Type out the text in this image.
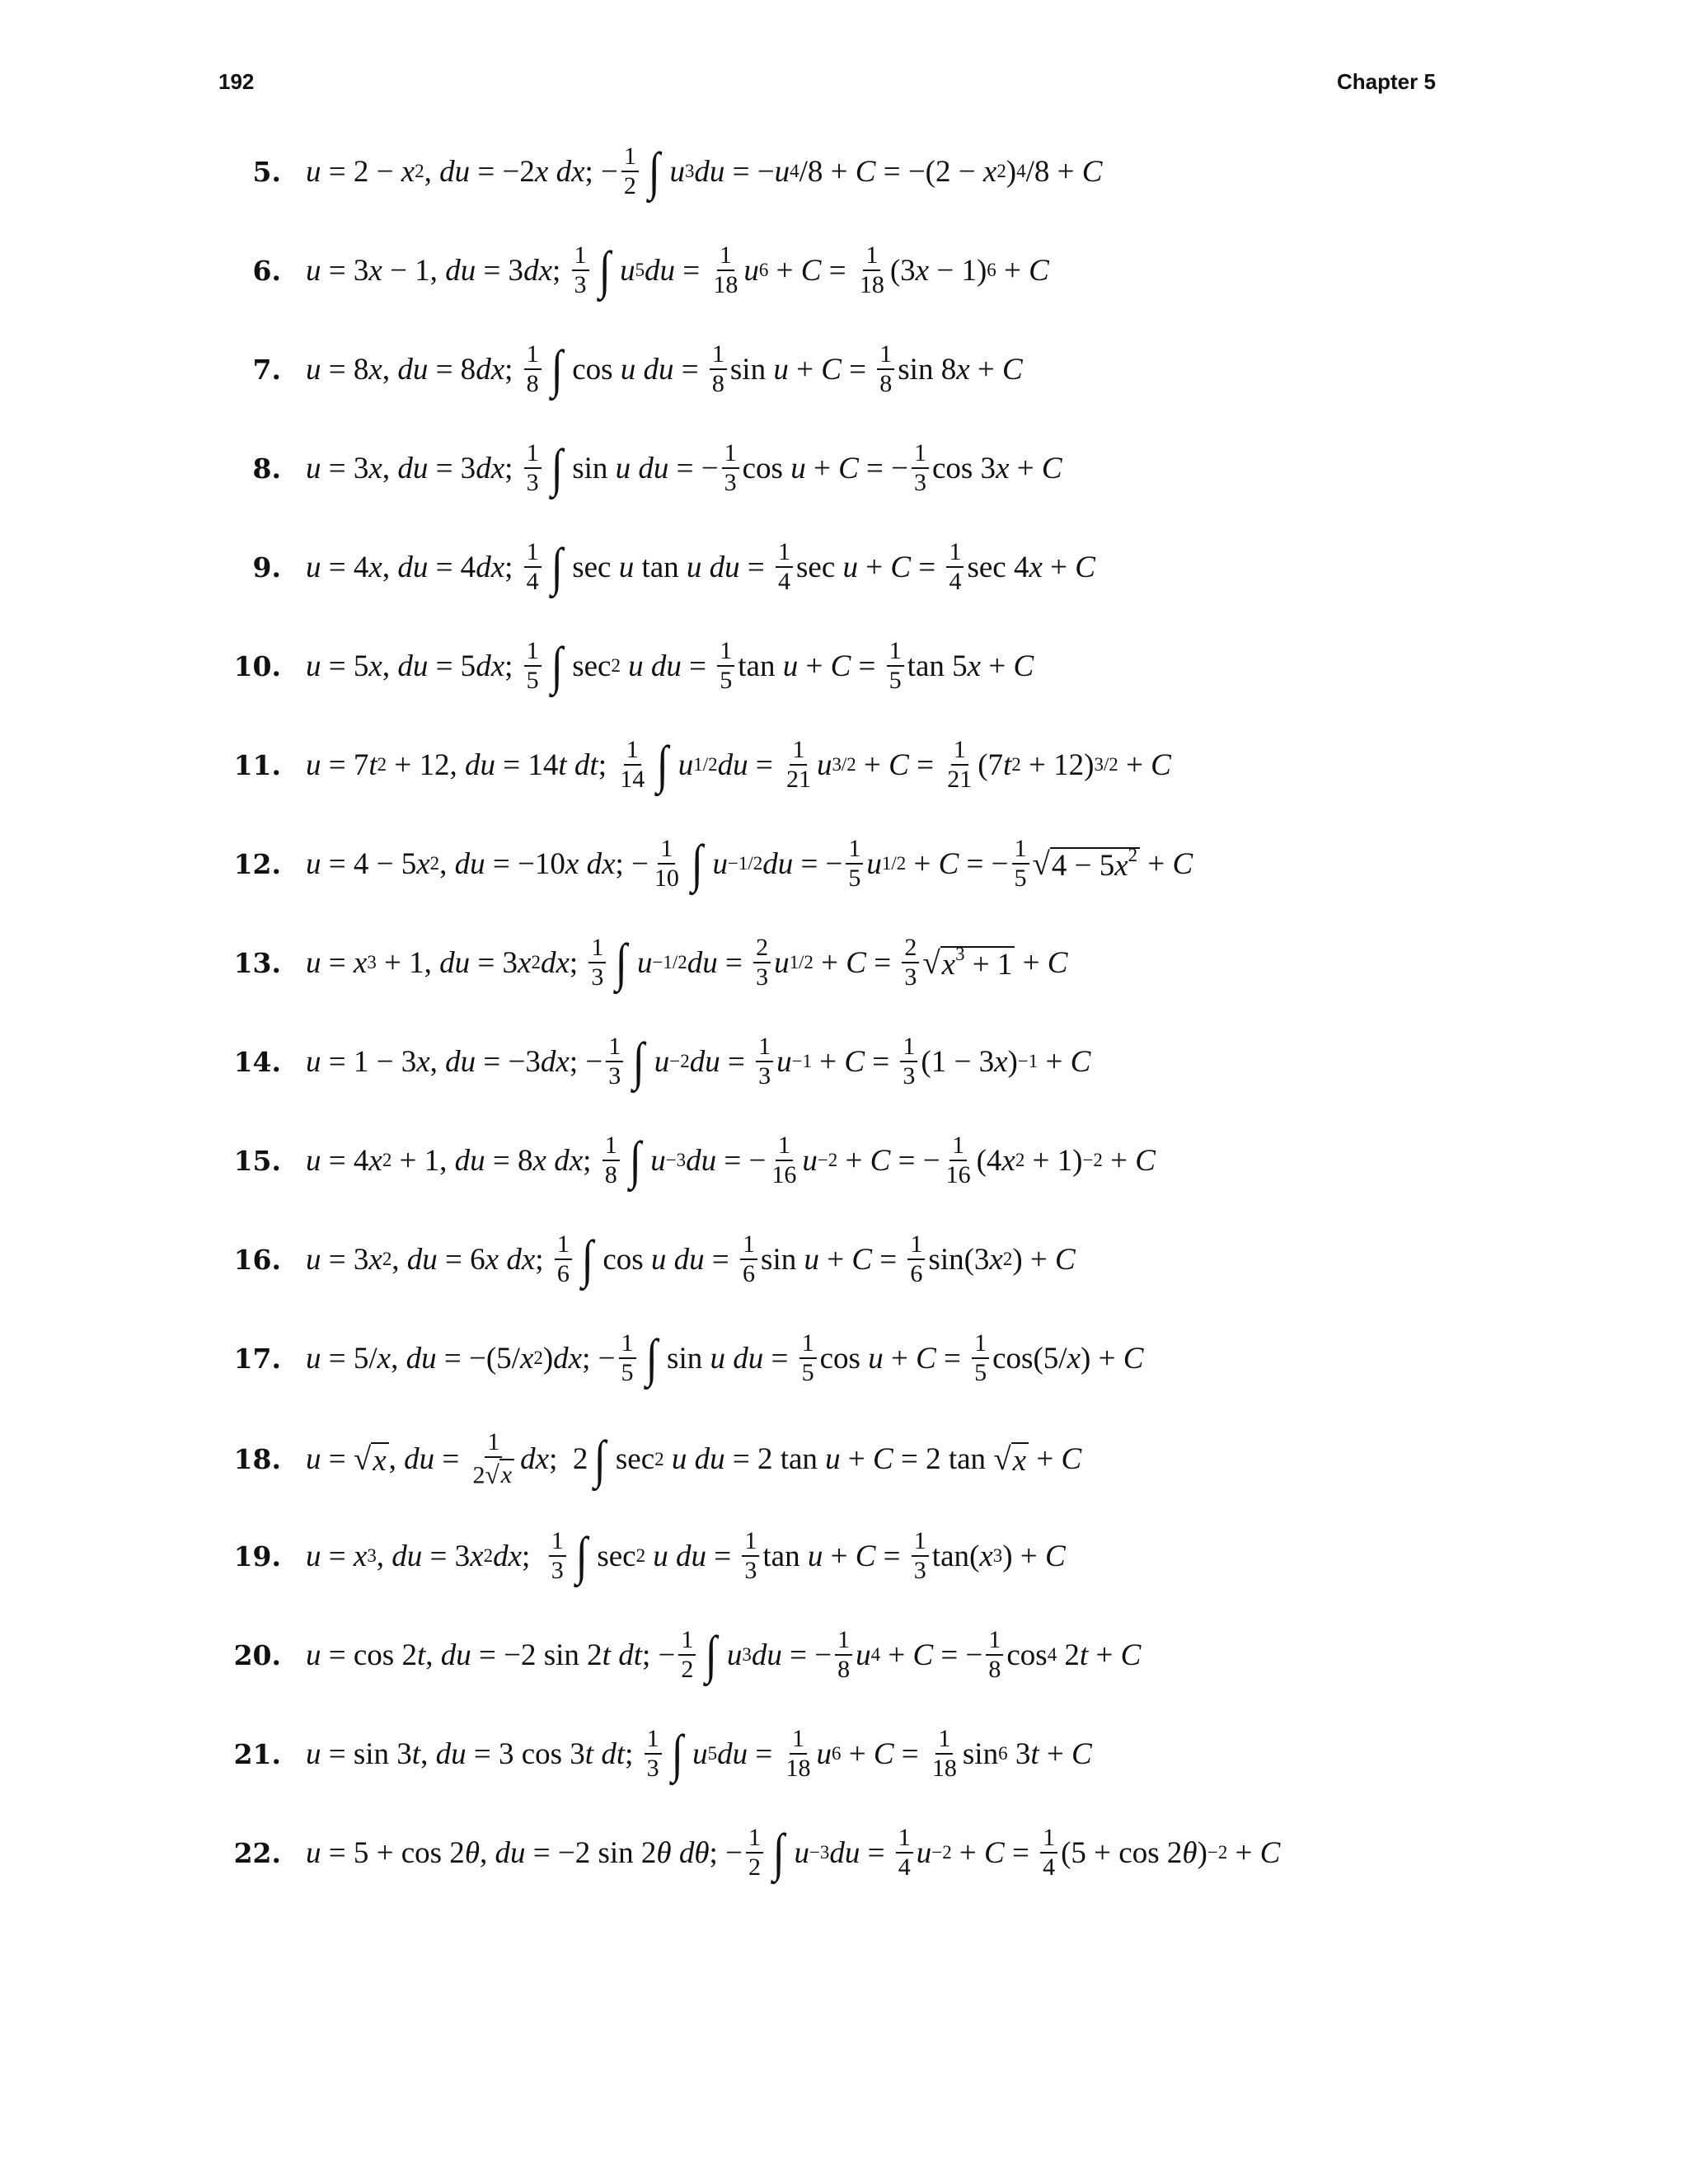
192	Chapter 5
5. u = 2 − x 2 , du = −2 x
dx ; − $\frac{1}{2}$ ∫ u 3 du = − u 4 /8 + C = −(2 − x 2 ) 4 /8 + C
6. u = 3 x − 1, du = 3 dx ; $\frac{1}{3}$ ∫ u 5 du = $\frac{1}{18}$ u $6 + C = \frac{1}{18} (3$ x − 1) 6 + C
7. u = 8 x , du = 8 dx ; $\frac{1}{8}$ ∫ cos u
du = $\frac{1}{8}$ $\sin u + C = \frac{1}{8}$ sin 8 x + C
8. u = 3 x , du = 3 dx ; $\frac{1}{3}$ ∫ sin u
du = − $\frac{1}{3}$ cos u + C = − $\frac{1}{3}$ cos 3 x + C
9. u = 4 x , du = 4 dx ; $\frac{1}{4}$ ∫ sec u tan u
du = $\frac{1}{4}$ $\sec u + C = \frac{1}{4}$ sec 4 x + C
10. u = 5 x , du = 5 dx ; $\frac{1}{5}$ ∫ sec 2
u
du = $\frac{1}{5}$ $\tan u + C = \frac{1}{5}$ tan 5 x + C
11. u = 7 t 2 + 12, du = 14 t
dt ; $\frac{1}{14}$ ∫ u 1/2 du = $\frac{1}{21}$ u $3/2 + C = \frac{1}{21} (7$ t 2 + 12) 3/2 + C
12. u = 4 − 5 x 2 , du = −10 x
dx ; − $\frac{1}{10}$ ∫ u −1/2 du = − $\frac{1}{5}$ u 1/2 + C = − $\frac{1}{5}$ √ $4 - 5x^2 + C$
13. u = x 3 + 1, du = 3 x 2 dx ; $\frac{1}{3}$ ∫ u −1/2 du = $\frac{2}{3}$ u $1/2 + C = \frac{2}{3}$ √ $x^3 + 1 + C$
14. u = 1 − 3 x , du = −3 dx ; − $\frac{1}{3}$ ∫ u −2 du = $\frac{1}{3}$ $u -1 + C = \frac{1}{3} (1 - 3$ x ) −1 + C
15. u = 4 x 2 + 1, du = 8 x
dx ; $\frac{1}{8}$ ∫ u −3 du = − $\frac{1}{16}$ u −2 + C = − $\frac{1}{16} (4$ x 2 + 1) −2 + C
16. u = 3 x 2 , du = 6 x
dx ; $\frac{1}{6}$ ∫ cos u
du = $\frac{1}{6}$ $\sin u + C = \frac{1}{6} \sin(3$ x 2 ) + C
17. u = 5/ x , du = −(5/ x 2 ) dx ; − $\frac{1}{5}$ ∫ sin u
du = $\frac{1}{5}$ $\cos u + C = \frac{1}{5} \cos(5/$ x ) + C
18. u = √ x , du = $\frac{1}{2 √ x}$ dx ;  2 ∫ sec 2
u
du = 2 tan u + C = 2 tan √ x + C
19. u = x 3 , du = 3 x 2 dx ; $\frac{1}{3}$ ∫ sec 2
u
du = $\frac{1}{3}$ $\tan u + C = \frac{1}{3} \tan$( x 3 ) + C
20. u = cos 2 t , du = −2 sin 2 t
dt ; − $\frac{1}{2}$ ∫ u 3 du = − $\frac{1}{8}$ u 4 + C = − $\frac{1}{8}$ cos 4 2 t + C
21. u = sin 3 t , du = 3 cos 3 t
dt ; $\frac{1}{3}$ ∫ u 5 du = $\frac{1}{18}$ u $6 + C = \frac{1}{18}$ sin 6 3 t + C
22. u = 5 + cos 2 θ , du = −2 sin 2 θ
dθ ; − $\frac{1}{2}$ ∫ u −3 du = $\frac{1}{4}$ $u -2 + C = \frac{1}{4} (5 + \cos 2$ θ ) −2 + C
